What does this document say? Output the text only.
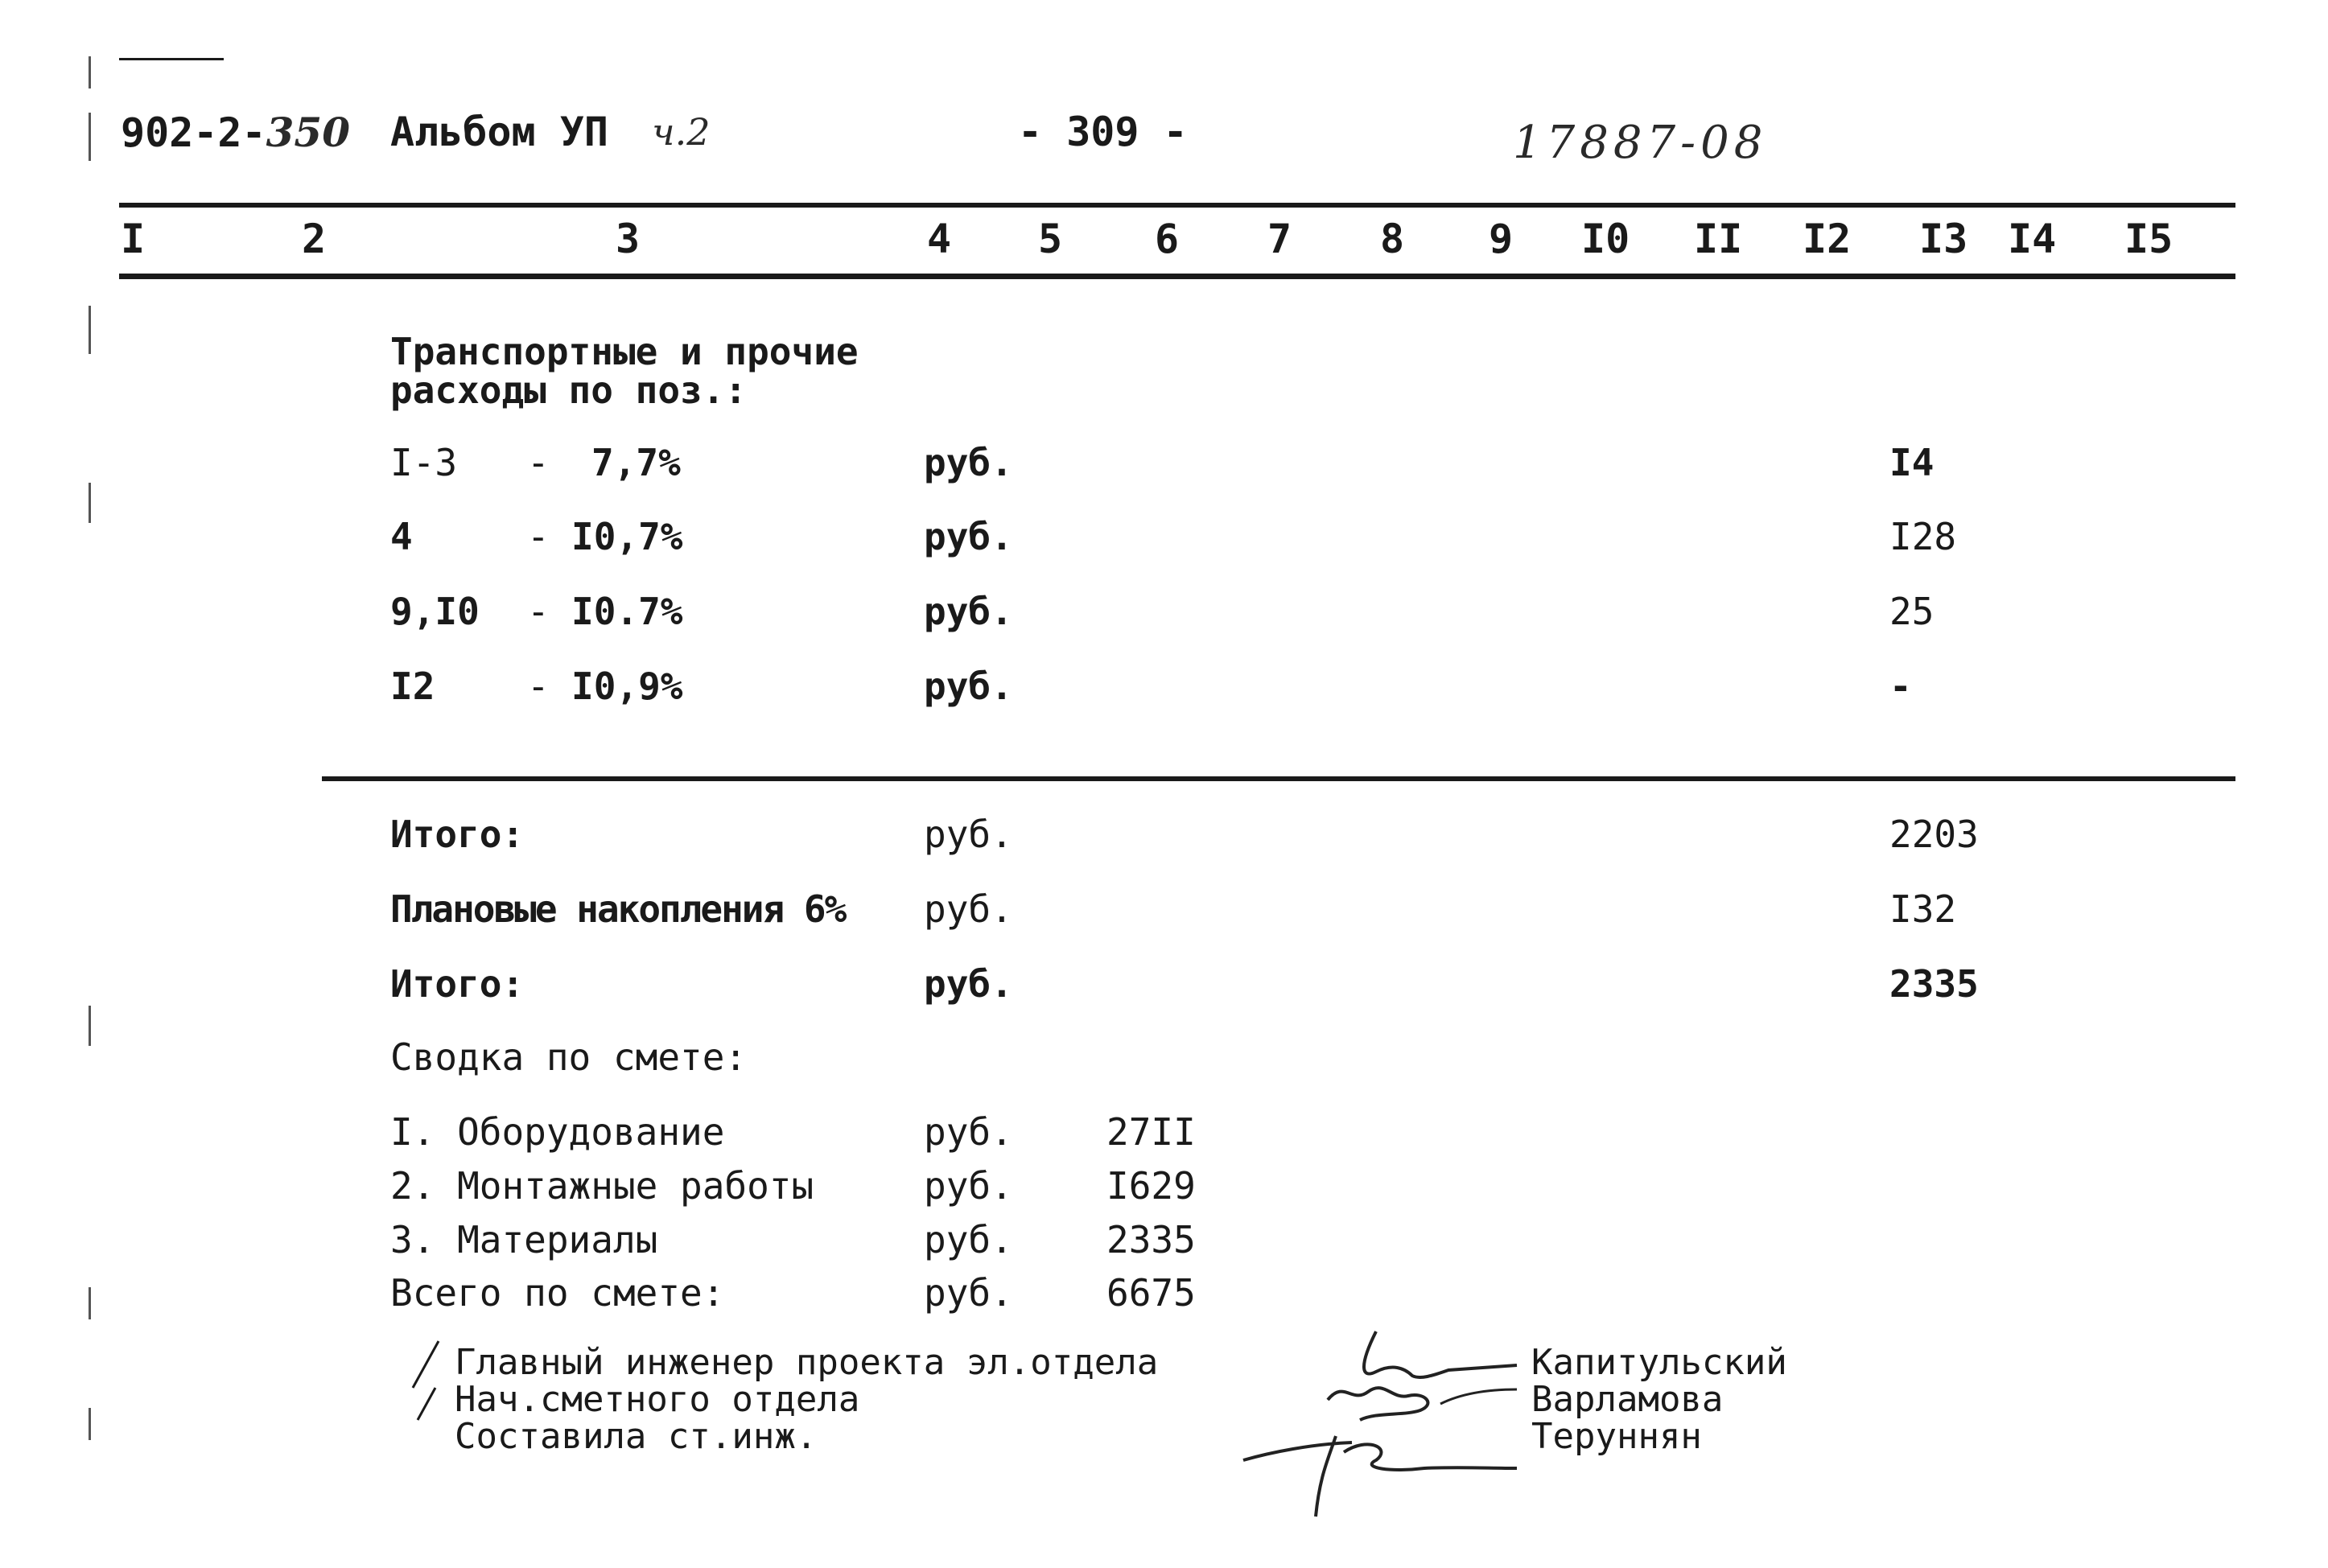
902-2-350 Альбом УП ч.2	- 309 -	17887-08
I	2	3	4 5 6 7 8 9 I0 II I2 I3 I4 I5
Транспортные и прочие
расходы по поз.:
I-3 - 7,7%	руб.	I4
4	- I0,7%	руб.	I28
9,I0 - I0.7%	руб.	25
I2 - I0,9%	руб.	-
Итого:	руб.	2203
Плановые накопления 6% руб.	I32
Итого:	руб.	2335
Сводка по смете:
I. Оборудование	руб.	27II
2. Монтажные работы	руб.	I629
3. Материалы	руб.	2335
Всего по смете:	руб.	6675
Главный инженер проекта эл.отдела
Нач.сметного отдела
Составила ст.инж.
Капитульский
Варламова
Теруннян
